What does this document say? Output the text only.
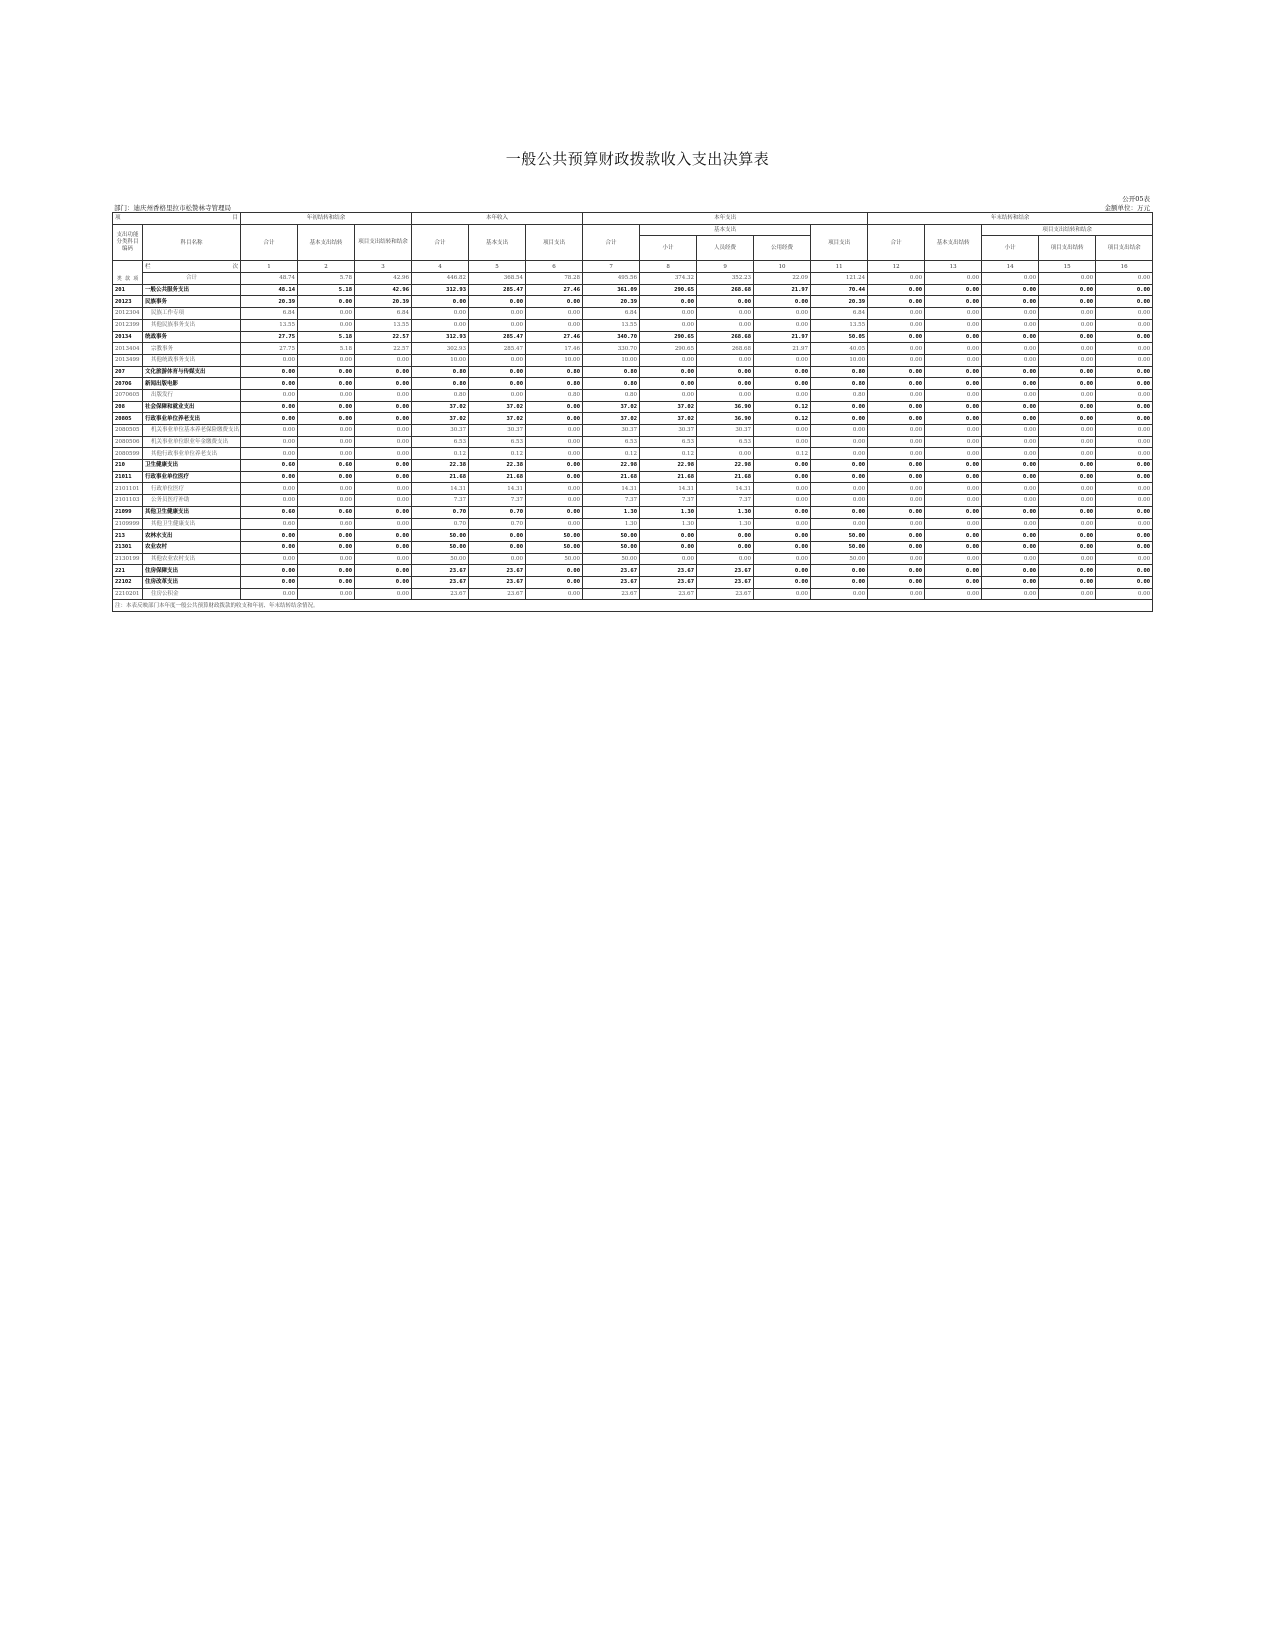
一般公共预算财政拨款收入支出决算表
公开05表
部门：迪庆州香格里拉市松赞林寺管理局	金额单位：万元
项 目		年初结转和结余			本年收入			本年支出					年末结转和结余				
支出功能分类科目编码	科目名称	合计	基本支出结转	项目支出结转和结余	合计	基本支出	项目支出	合计	基本支出			项目支出	合计	基本支出结转	项目支出结转和结余		
									小计	人员经费	公用经费				小计	项目支出结转	项目支出结余
类 款 项	栏 次	1	2	3	4	5	6	7	8	9	10	11	12	13	14	15	16
	合计	48.74	5.78	42.96	446.82	368.54	78.28	495.56	374.32	352.23	22.09	121.24	0.00	0.00	0.00	0.00	0.00
201	一般公共服务支出	48.14	5.18	42.96	312.93	285.47	27.46	361.09	290.65	268.68	21.97	70.44	0.00	0.00	0.00	0.00	0.00
20123	民族事务	20.39	0.00	20.39	0.00	0.00	0.00	20.39	0.00	0.00	0.00	20.39	0.00	0.00	0.00	0.00	0.00
2012304	民族工作专项	6.84	0.00	6.84	0.00	0.00	0.00	6.84	0.00	0.00	0.00	6.84	0.00	0.00	0.00	0.00	0.00
2012399	其他民族事务支出	13.55	0.00	13.55	0.00	0.00	0.00	13.55	0.00	0.00	0.00	13.55	0.00	0.00	0.00	0.00	0.00
20134	统战事务	27.75	5.18	22.57	312.93	285.47	27.46	340.70	290.65	268.68	21.97	50.05	0.00	0.00	0.00	0.00	0.00
2013404	宗教事务	27.75	5.18	22.57	302.93	285.47	17.46	330.70	290.65	268.68	21.97	40.05	0.00	0.00	0.00	0.00	0.00
2013499	其他统战事务支出	0.00	0.00	0.00	10.00	0.00	10.00	10.00	0.00	0.00	0.00	10.00	0.00	0.00	0.00	0.00	0.00
207	文化旅游体育与传媒支出	0.00	0.00	0.00	0.80	0.00	0.80	0.80	0.00	0.00	0.00	0.80	0.00	0.00	0.00	0.00	0.00
20706	新闻出版电影	0.00	0.00	0.00	0.80	0.00	0.80	0.80	0.00	0.00	0.00	0.80	0.00	0.00	0.00	0.00	0.00
2070605	出版发行	0.00	0.00	0.00	0.80	0.00	0.80	0.80	0.00	0.00	0.00	0.80	0.00	0.00	0.00	0.00	0.00
208	社会保障和就业支出	0.00	0.00	0.00	37.02	37.02	0.00	37.02	37.02	36.90	0.12	0.00	0.00	0.00	0.00	0.00	0.00
20805	行政事业单位养老支出	0.00	0.00	0.00	37.02	37.02	0.00	37.02	37.02	36.90	0.12	0.00	0.00	0.00	0.00	0.00	0.00
2080505	机关事业单位基本养老保险缴费支出	0.00	0.00	0.00	30.37	30.37	0.00	30.37	30.37	30.37	0.00	0.00	0.00	0.00	0.00	0.00	0.00
2080506	机关事业单位职业年金缴费支出	0.00	0.00	0.00	6.53	6.53	0.00	6.53	6.53	6.53	0.00	0.00	0.00	0.00	0.00	0.00	0.00
2080599	其他行政事业单位养老支出	0.00	0.00	0.00	0.12	0.12	0.00	0.12	0.12	0.00	0.12	0.00	0.00	0.00	0.00	0.00	0.00
210	卫生健康支出	0.60	0.60	0.00	22.38	22.38	0.00	22.98	22.98	22.98	0.00	0.00	0.00	0.00	0.00	0.00	0.00
21011	行政事业单位医疗	0.00	0.00	0.00	21.68	21.68	0.00	21.68	21.68	21.68	0.00	0.00	0.00	0.00	0.00	0.00	0.00
2101101	行政单位医疗	0.00	0.00	0.00	14.31	14.31	0.00	14.31	14.31	14.31	0.00	0.00	0.00	0.00	0.00	0.00	0.00
2101103	公务员医疗补助	0.00	0.00	0.00	7.37	7.37	0.00	7.37	7.37	7.37	0.00	0.00	0.00	0.00	0.00	0.00	0.00
21099	其他卫生健康支出	0.60	0.60	0.00	0.70	0.70	0.00	1.30	1.30	1.30	0.00	0.00	0.00	0.00	0.00	0.00	0.00
2109999	其他卫生健康支出	0.60	0.60	0.00	0.70	0.70	0.00	1.30	1.30	1.30	0.00	0.00	0.00	0.00	0.00	0.00	0.00
213	农林水支出	0.00	0.00	0.00	50.00	0.00	50.00	50.00	0.00	0.00	0.00	50.00	0.00	0.00	0.00	0.00	0.00
21301	农业农村	0.00	0.00	0.00	50.00	0.00	50.00	50.00	0.00	0.00	0.00	50.00	0.00	0.00	0.00	0.00	0.00
2130199	其他农业农村支出	0.00	0.00	0.00	50.00	0.00	50.00	50.00	0.00	0.00	0.00	50.00	0.00	0.00	0.00	0.00	0.00
221	住房保障支出	0.00	0.00	0.00	23.67	23.67	0.00	23.67	23.67	23.67	0.00	0.00	0.00	0.00	0.00	0.00	0.00
22102	住房改革支出	0.00	0.00	0.00	23.67	23.67	0.00	23.67	23.67	23.67	0.00	0.00	0.00	0.00	0.00	0.00	0.00
2210201	住房公积金	0.00	0.00	0.00	23.67	23.67	0.00	23.67	23.67	23.67	0.00	0.00	0.00	0.00	0.00	0.00	0.00
注：本表反映部门本年度一般公共预算财政拨款的收支和年初、年末结转结余情况。																	
